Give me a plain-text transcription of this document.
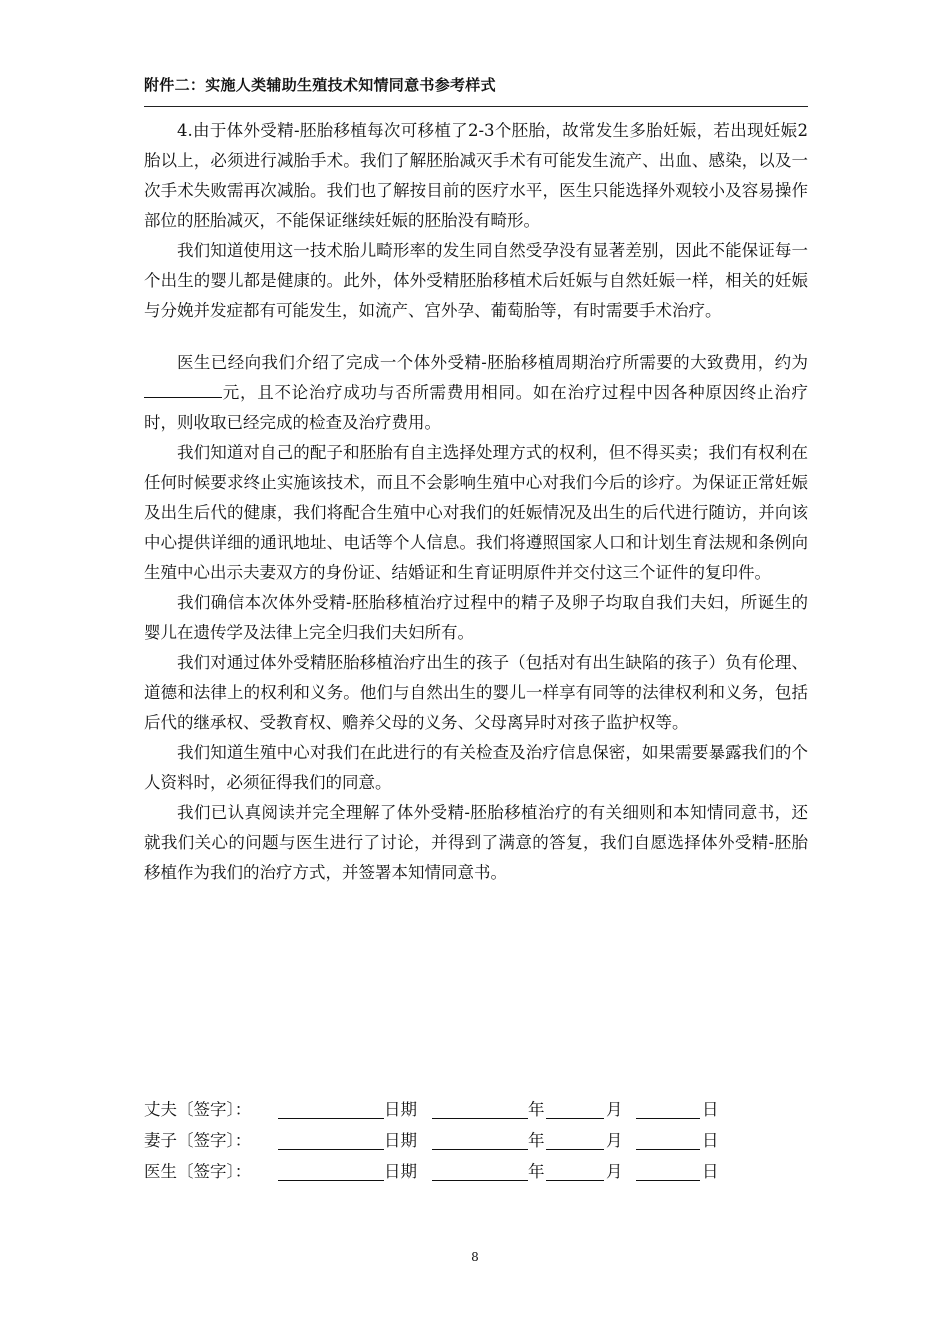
附件二：实施人类辅助生殖技术知情同意书参考样式

4.由于体外受精-胚胎移植每次可移植了2-3个胚胎，故常发生多胎妊娠，若出现妊娠2胎以上，必须进行减胎手术。我们了解胚胎减灭手术有可能发生流产、出血、感染，以及一次手术失败需再次减胎。我们也了解按目前的医疗水平，医生只能选择外观较小及容易操作部位的胚胎减灭，不能保证继续妊娠的胚胎没有畸形。

我们知道使用这一技术胎儿畸形率的发生同自然受孕没有显著差别，因此不能保证每一个出生的婴儿都是健康的。此外，体外受精胚胎移植术后妊娠与自然妊娠一样，相关的妊娠与分娩并发症都有可能发生，如流产、宫外孕、葡萄胎等，有时需要手术治疗。

医生已经向我们介绍了完成一个体外受精-胚胎移植周期治疗所需要的大致费用，约为元，且不论治疗成功与否所需费用相同。如在治疗过程中因各种原因终止治疗时，则收取已经完成的检查及治疗费用。

我们知道对自己的配子和胚胎有自主选择处理方式的权利，但不得买卖；我们有权利在任何时候要求终止实施该技术，而且不会影响生殖中心对我们今后的诊疗。为保证正常妊娠及出生后代的健康，我们将配合生殖中心对我们的妊娠情况及出生的后代进行随访，并向该中心提供详细的通讯地址、电话等个人信息。我们将遵照国家人口和计划生育法规和条例向生殖中心出示夫妻双方的身份证、结婚证和生育证明原件并交付这三个证件的复印件。

我们确信本次体外受精-胚胎移植治疗过程中的精子及卵子均取自我们夫妇，所诞生的婴儿在遗传学及法律上完全归我们夫妇所有。

我们对通过体外受精胚胎移植治疗出生的孩子（包括对有出生缺陷的孩子）负有伦理、道德和法律上的权利和义务。他们与自然出生的婴儿一样享有同等的法律权利和义务，包括后代的继承权、受教育权、赡养父母的义务、父母离异时对孩子监护权等。

我们知道生殖中心对我们在此进行的有关检查及治疗信息保密，如果需要暴露我们的个人资料时，必须征得我们的同意。

我们已认真阅读并完全理解了体外受精-胚胎移植治疗的有关细则和本知情同意书，还就我们关心的问题与医生进行了讨论，并得到了满意的答复，我们自愿选择体外受精-胚胎移植作为我们的治疗方式，并签署本知情同意书。

丈夫〔签字〕：	日期	年	月	日
妻子〔签字〕：	日期	年	月	日
医生〔签字〕：	日期	年	月	日
8
